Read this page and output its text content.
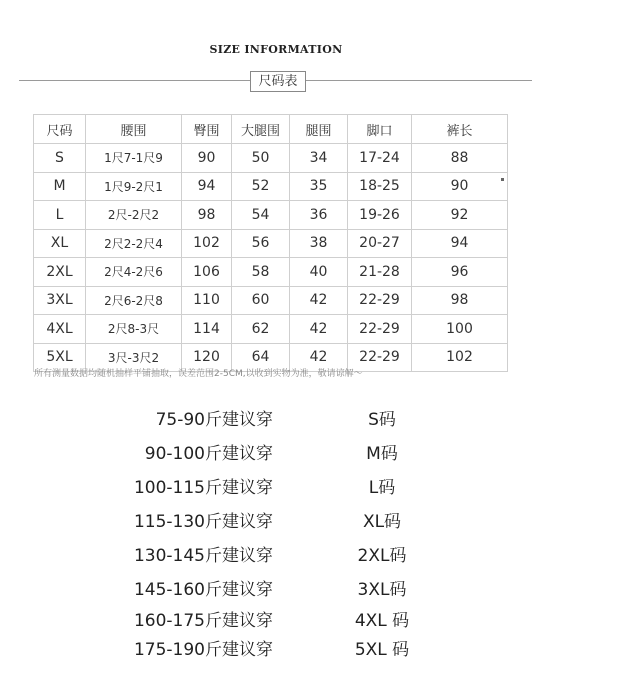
SIZE INFORMATION
尺码表
尺码	腰围	臀围	大腿围	腿围	脚口	裤长
S	1尺7-1尺9	90	50	34	17-24	88
M	1尺9-2尺1	94	52	35	18-25	90
L	2尺-2尺2	98	54	36	19-26	92
XL	2尺2-2尺4	102	56	38	20-27	94
2XL	2尺4-2尺6	106	58	40	21-28	96
3XL	2尺6-2尺8	110	60	42	22-29	98
4XL	2尺8-3尺	114	62	42	22-29	100
5XL	3尺-3尺2	120	64	42	22-29	102
所有测量数据均随机抽样平铺抽取，误差范围2-5CM,以收到实物为准，敬请谅解～
75-90斤建议穿	S码
90-100斤建议穿	M码
100-115斤建议穿	L码
115-130斤建议穿	XL码
130-145斤建议穿	2XL码
145-160斤建议穿	3XL码
160-175斤建议穿	4XL 码
175-190斤建议穿	5XL 码
